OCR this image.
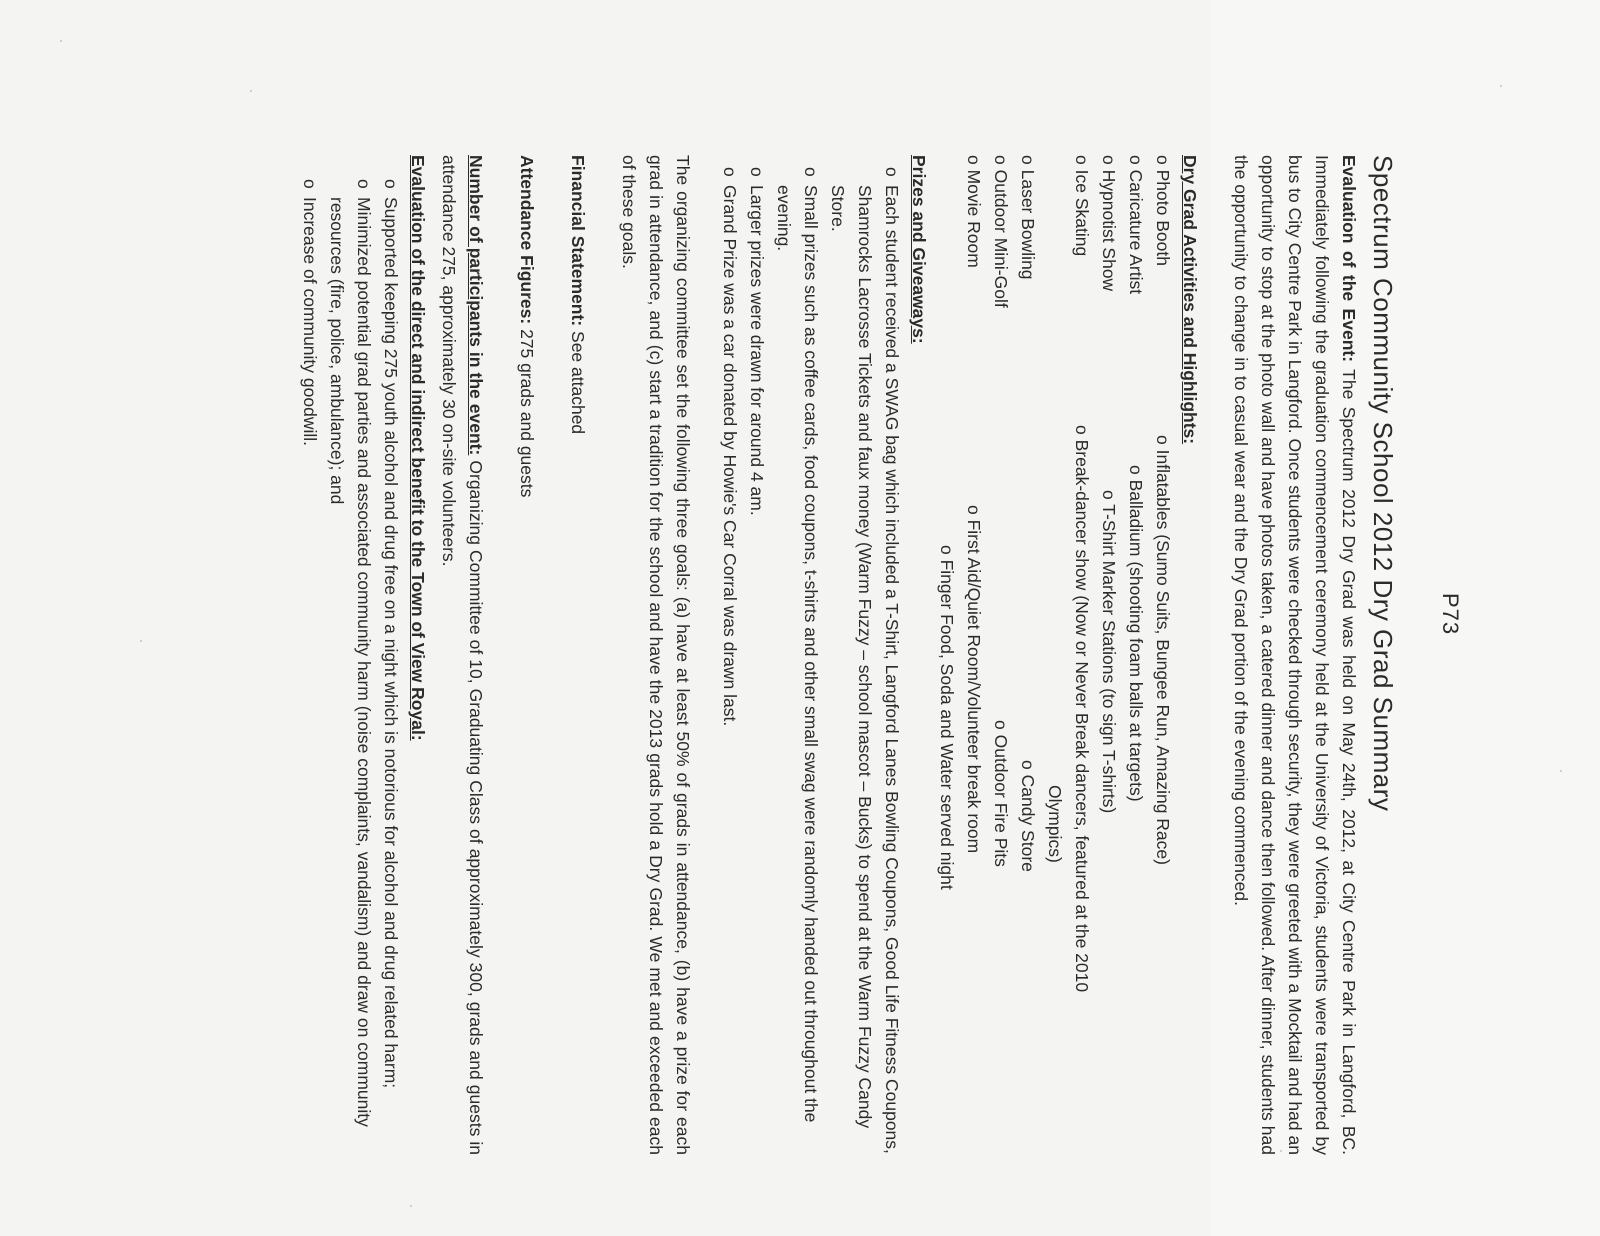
P73
Spectrum Community School 2012 Dry Grad Summary

Evaluation of the Event: The Spectrum 2012 Dry Grad was held on May 24th, 2012, at City Centre Park in Langford, BC. Immediately following the graduation commencement ceremony held at the University of Victoria, students were transported by bus to City Centre Park in Langford. Once students were checked through security, they were greeted with a Mocktail and had an opportunity to stop at the photo wall and have photos taken, a catered dinner and dance then followed. After dinner, students had the opportunity to change in to casual wear and the Dry Grad portion of the evening commenced.

Dry Grad Activities and Highlights:

o Photo Booth

o Caricature Artist

o Hypnotist Show

o Ice Skating

o Laser Bowling

o Outdoor Mini-Golf

o Movie Room

o Inflatables (Sumo Suits, Bungee Run, Amazing Race)
o Balladium (shooting foam balls at targets)
o T-Shirt Marker Stations (to sign T-shirts)
o Break-dancer show (Now or Never Break dancers, featured at the 2010
Olympics)
o Candy Store
o Outdoor Fire Pits
o First Aid/Quiet Room/Volunteer break room
o Finger Food, Soda and Water served night
Prizes and Giveaways:
o
Each student received a SWAG bag which included a T-Shirt, Langford Lanes Bowling Coupons, Good Life Fitness Coupons, Shamrocks Lacrosse Tickets and faux money (Warm Fuzzy – school mascot – Bucks) to spend at the Warm Fuzzy Candy Store.
o
Small prizes such as coffee cards, food coupons, t-shirts and other small swag were randomly handed out throughout the evening.
o
Larger prizes were drawn for around 4 am.
o
Grand Prize was a car donated by Howie's Car Corral was drawn last.

The organizing committee set the following three goals: (a) have at least 50% of grads in attendance, (b) have a prize for each grad in attendance, and (c) start a tradition for the school and have the 2013 grads hold a Dry Grad. We met and exceeded each of these goals.

Financial Statement: See attached

Attendance Figures: 275 grads and guests

Number of participants in the event: Organizing Committee of 10, Graduating Class of approximately 300, grads and guests in attendance 275, approximately 30 on-site volunteers.

Evaluation of the direct and indirect benefit to the Town of View Royal:
o
Supported keeping 275 youth alcohol and drug free on a night which is notorious for alcohol and drug related harm;
o
Minimized potential grad parties and associated community harm (noise complaints, vandalism) and draw on community resources (fire, police, ambulance); and
o
Increase of community goodwill.
